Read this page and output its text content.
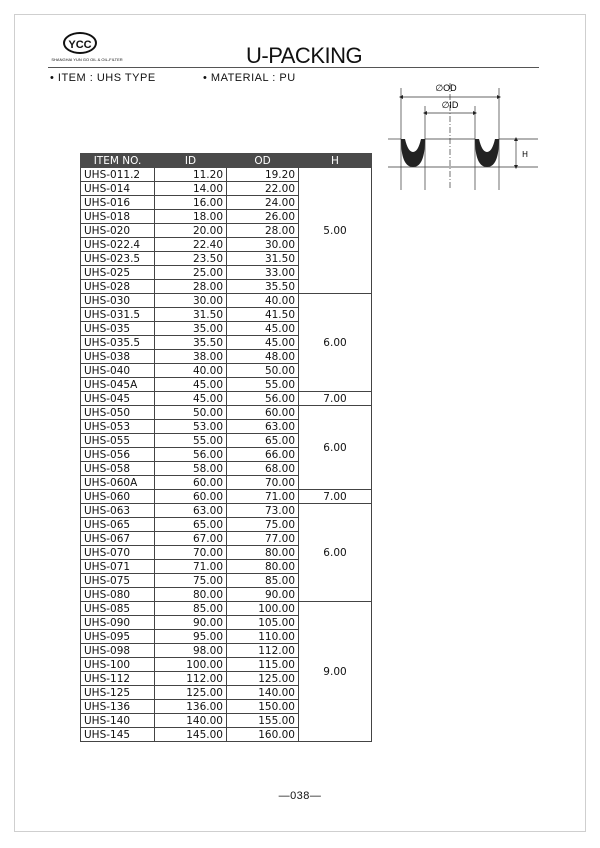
YCC
SHANGHAI YUN GO OIL & OIL-FILTER	U-PACKING
• ITEM : UHS TYPE	• MATERIAL : PU
∅OD
∅ID
H
ITEM NO.	ID	OD	H
UHS-011.2	11.20	19.20	5.00
UHS-014	14.00	22.00	
UHS-016	16.00	24.00	
UHS-018	18.00	26.00	
UHS-020	20.00	28.00	
UHS-022.4	22.40	30.00	
UHS-023.5	23.50	31.50	
UHS-025	25.00	33.00	
UHS-028	28.00	35.50	
UHS-030	30.00	40.00	6.00
UHS-031.5	31.50	41.50	
UHS-035	35.00	45.00	
UHS-035.5	35.50	45.00	
UHS-038	38.00	48.00	
UHS-040	40.00	50.00	
UHS-045A	45.00	55.00	
UHS-045	45.00	56.00	7.00
UHS-050	50.00	60.00	6.00
UHS-053	53.00	63.00	
UHS-055	55.00	65.00	
UHS-056	56.00	66.00	
UHS-058	58.00	68.00	
UHS-060A	60.00	70.00	
UHS-060	60.00	71.00	7.00
UHS-063	63.00	73.00	6.00
UHS-065	65.00	75.00	
UHS-067	67.00	77.00	
UHS-070	70.00	80.00	
UHS-071	71.00	80.00	
UHS-075	75.00	85.00	
UHS-080	80.00	90.00	
UHS-085	85.00	100.00	9.00
UHS-090	90.00	105.00	
UHS-095	95.00	110.00	
UHS-098	98.00	112.00	
UHS-100	100.00	115.00	
UHS-112	112.00	125.00	
UHS-125	125.00	140.00	
UHS-136	136.00	150.00	
UHS-140	140.00	155.00	
UHS-145	145.00	160.00	
—038—
